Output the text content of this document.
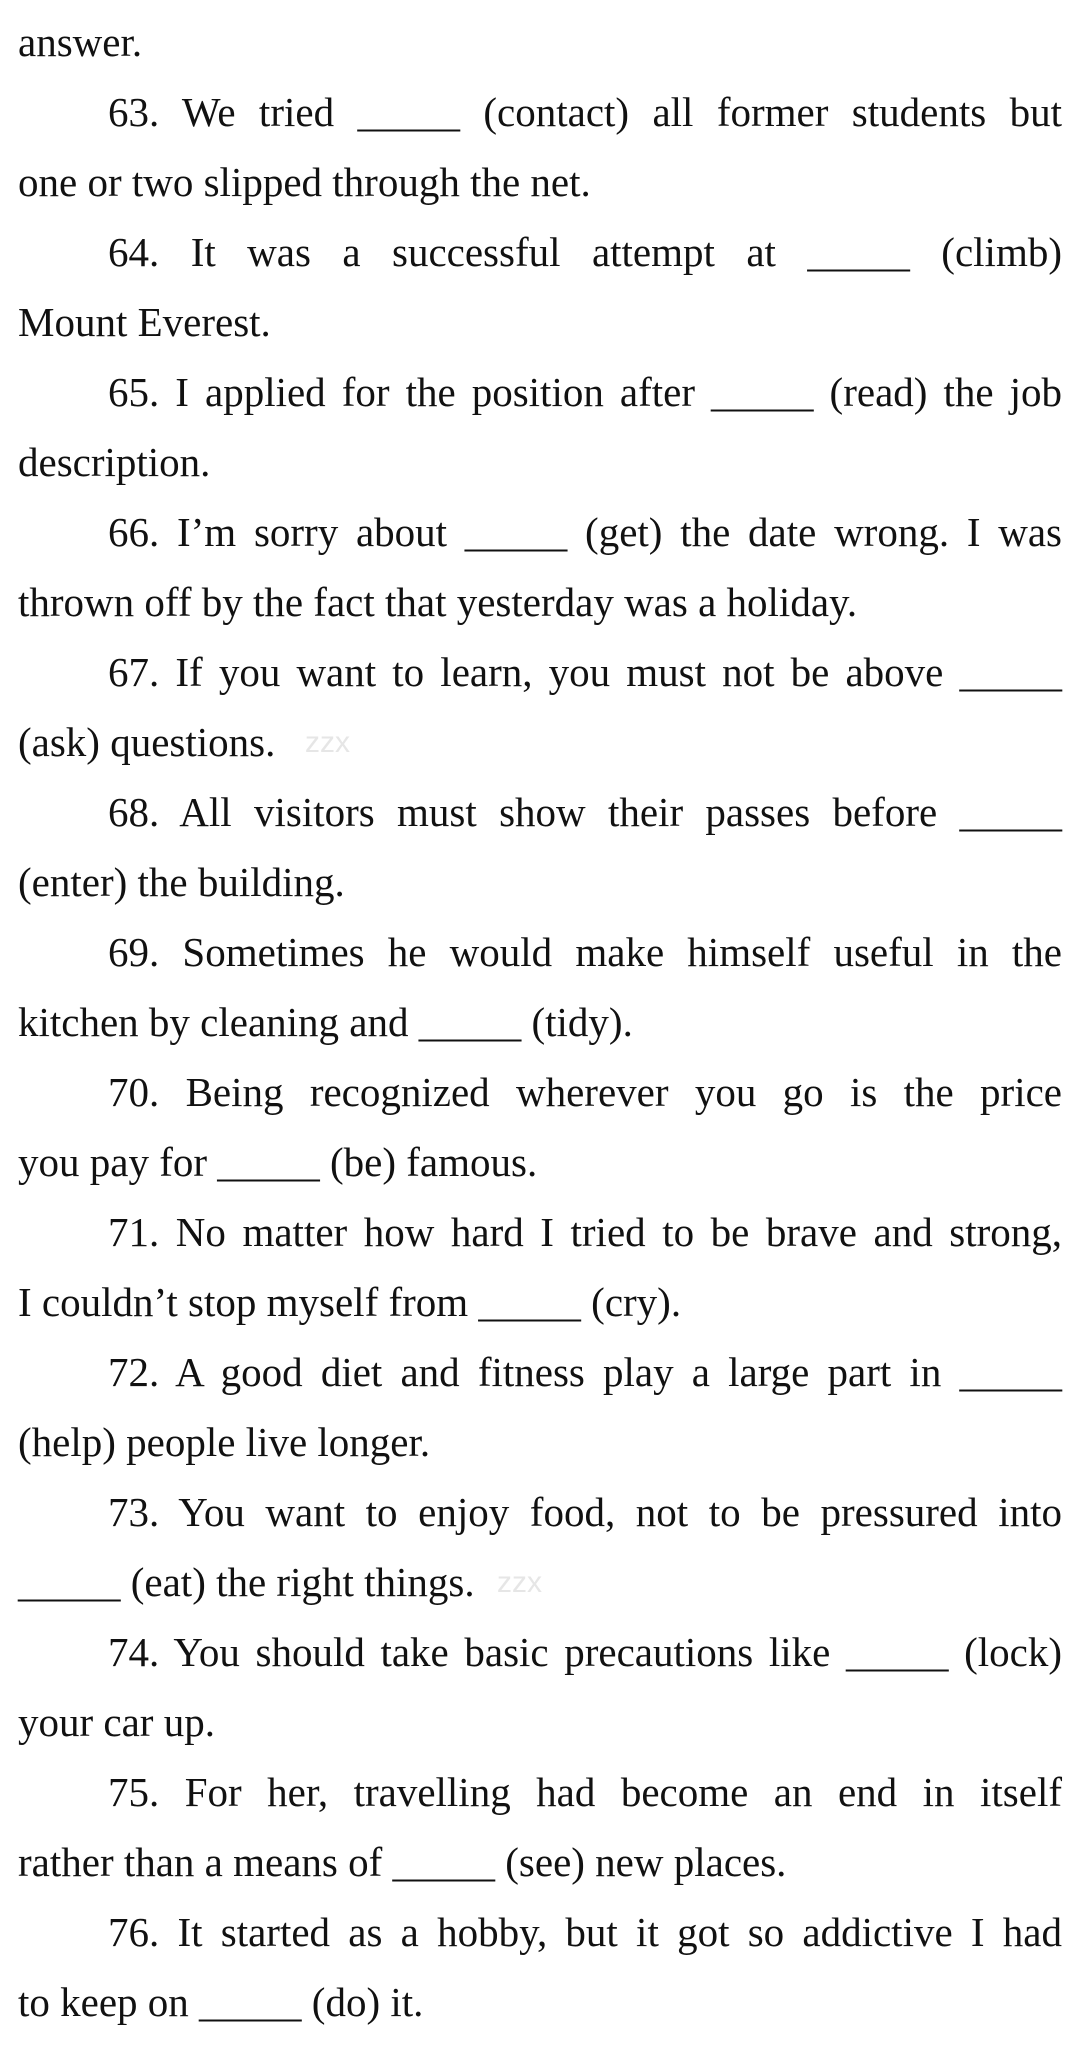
answer.
63. We tried _____ (contact) all former students but
one or two slipped through the net.
64. It was a successful attempt at _____ (climb)
Mount Everest.
65. I applied for the position after _____ (read) the job
description.
66. I’m sorry about _____ (get) the date wrong. I was
thrown off by the fact that yesterday was a holiday.
67. If you want to learn, you must not be above _____
(ask) questions. zzx
68. All visitors must show their passes before _____
(enter) the building.
69. Sometimes he would make himself useful in the
kitchen by cleaning and _____ (tidy).
70. Being recognized wherever you go is the price
you pay for _____ (be) famous.
71. No matter how hard I tried to be brave and strong,
I couldn’t stop myself from _____ (cry).
72. A good diet and fitness play a large part in _____
(help) people live longer.
73. You want to enjoy food, not to be pressured into
_____ (eat) the right things. zzx
74. You should take basic precautions like _____ (lock)
your car up.
75. For her, travelling had become an end in itself
rather than a means of _____ (see) new places.
76. It started as a hobby, but it got so addictive I had
to keep on _____ (do) it.
